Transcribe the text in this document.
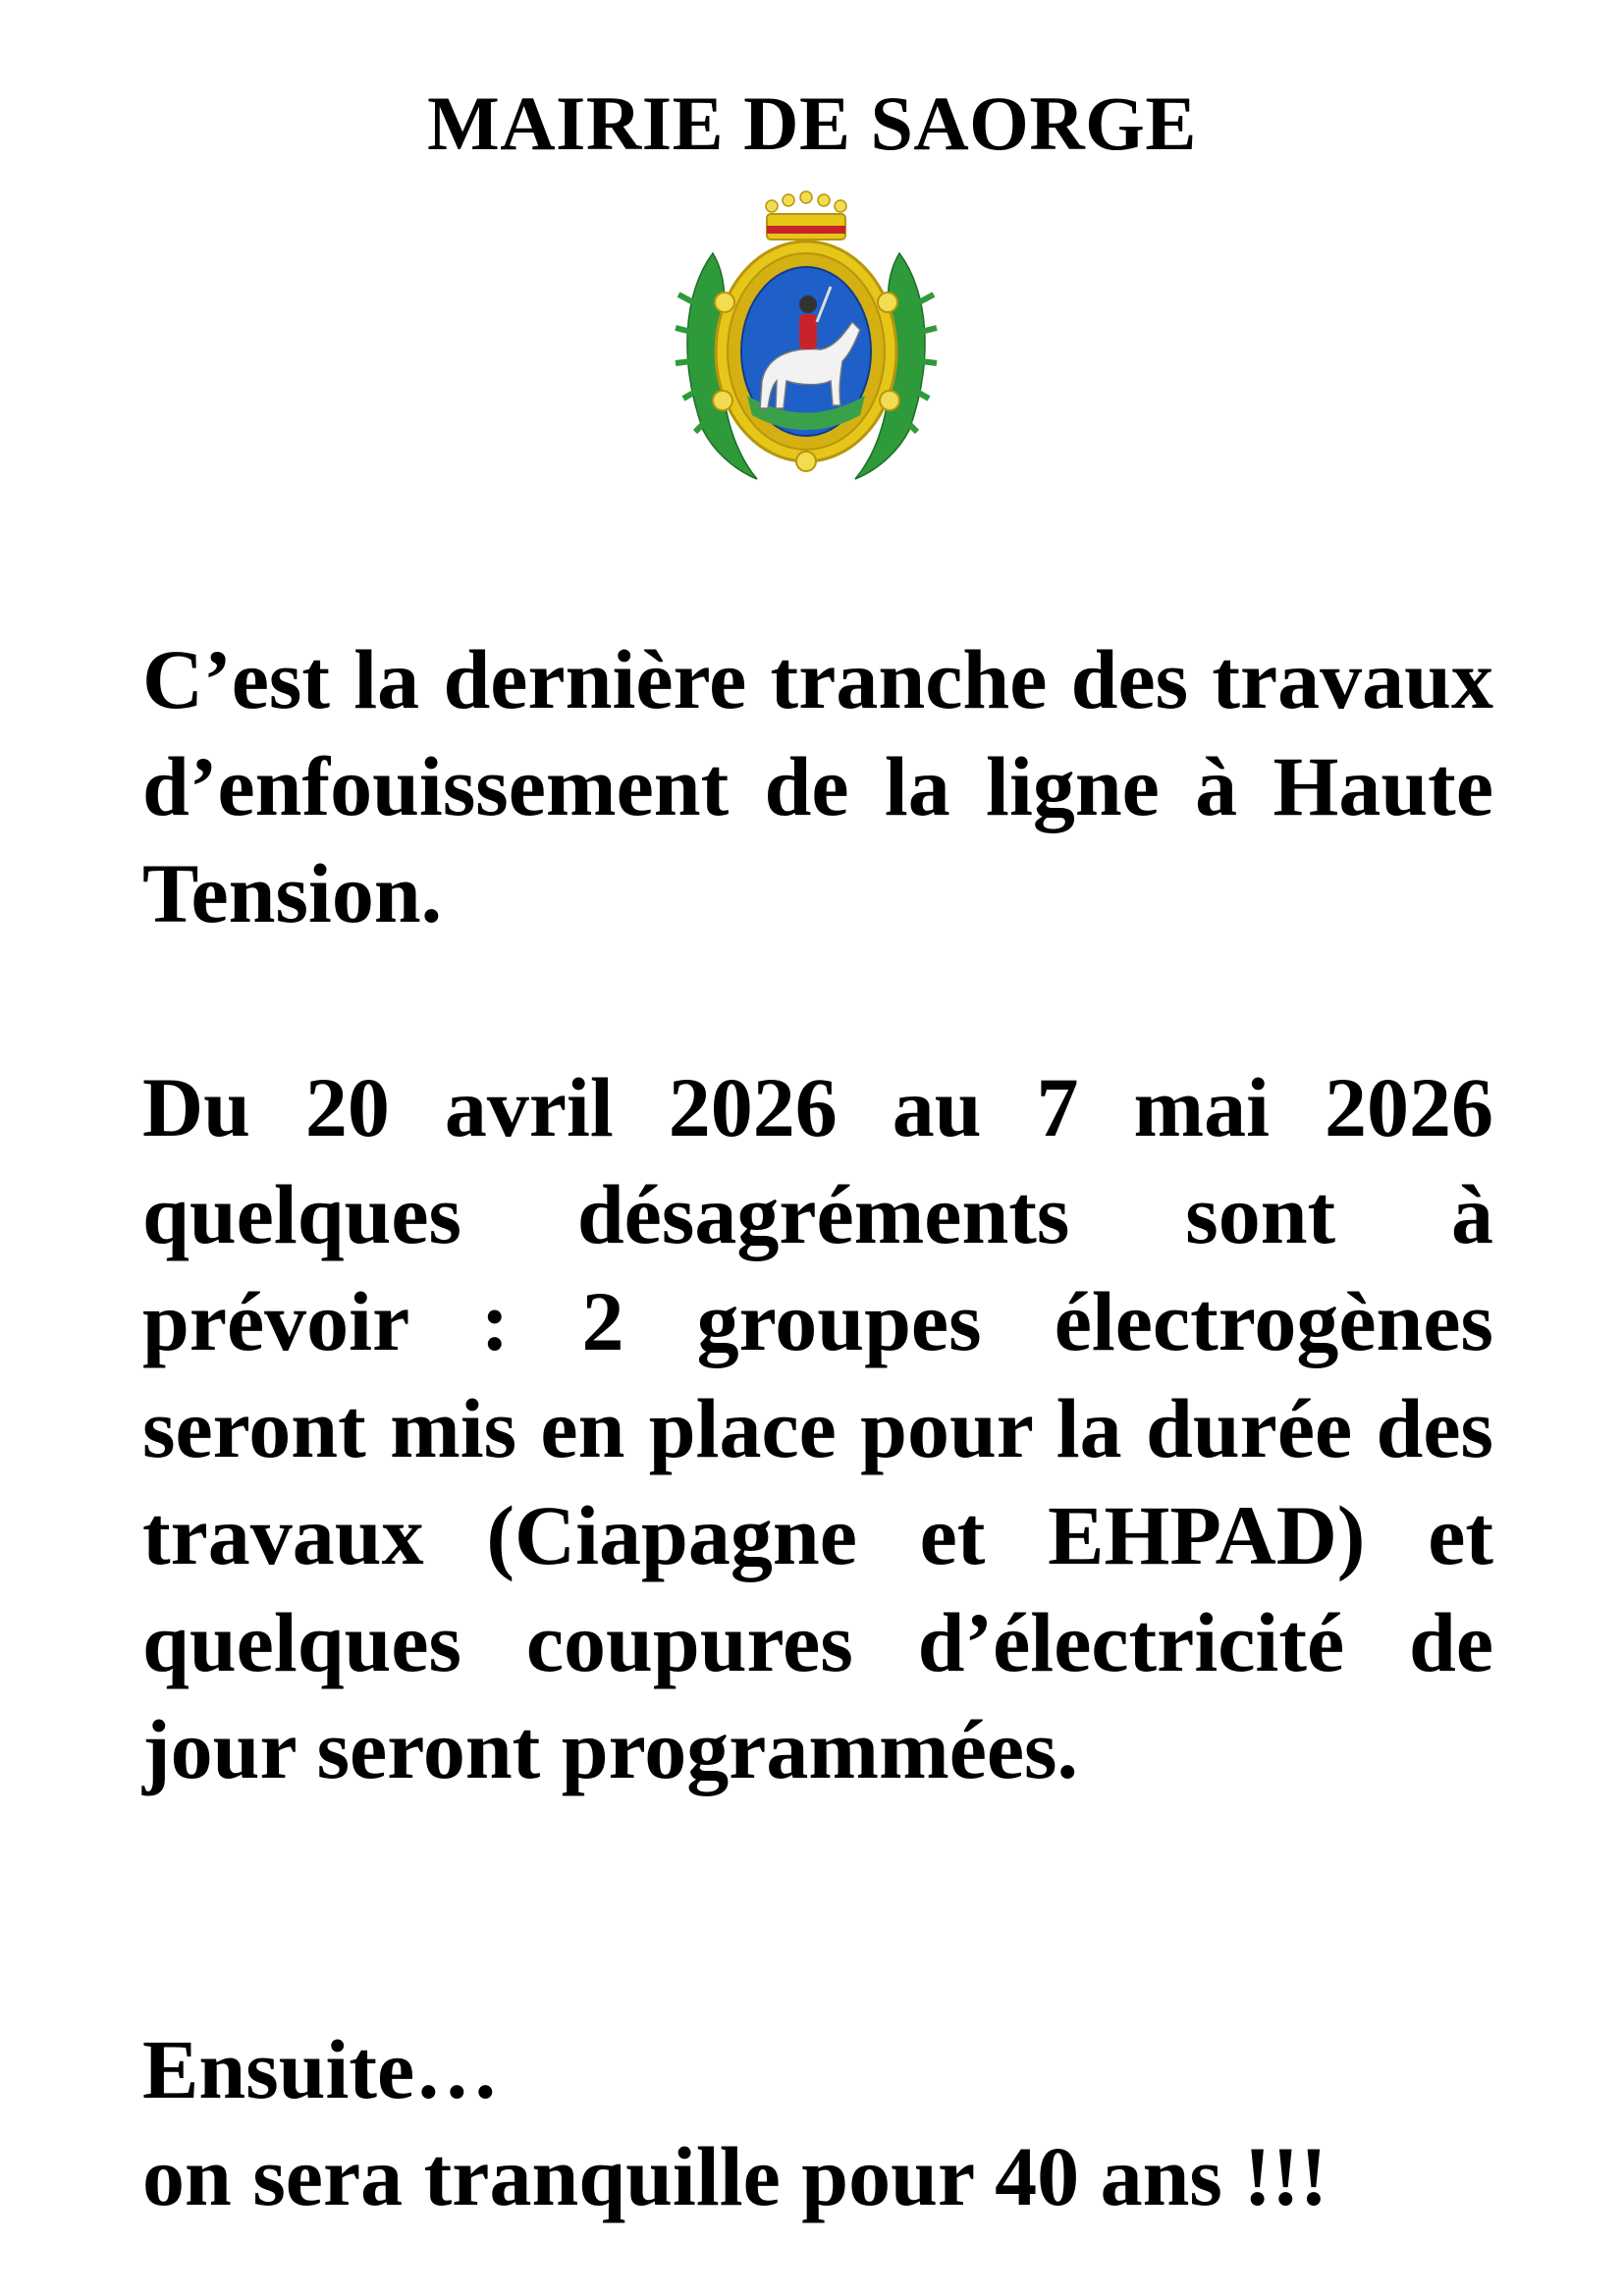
MAIRIE DE SAORGE

C’est la dernière tranche des travaux d’enfouissement de la ligne à Haute Tension.

Du 20 avril 2026 au 7 mai 2026 quelques désagréments sont à prévoir : 2 groupes électrogènes seront mis en place pour la durée des travaux (Ciapagne et EHPAD) et quelques coupures d’électricité de jour seront programmées.

Ensuite…

on sera tranquille pour 40 ans !!!
